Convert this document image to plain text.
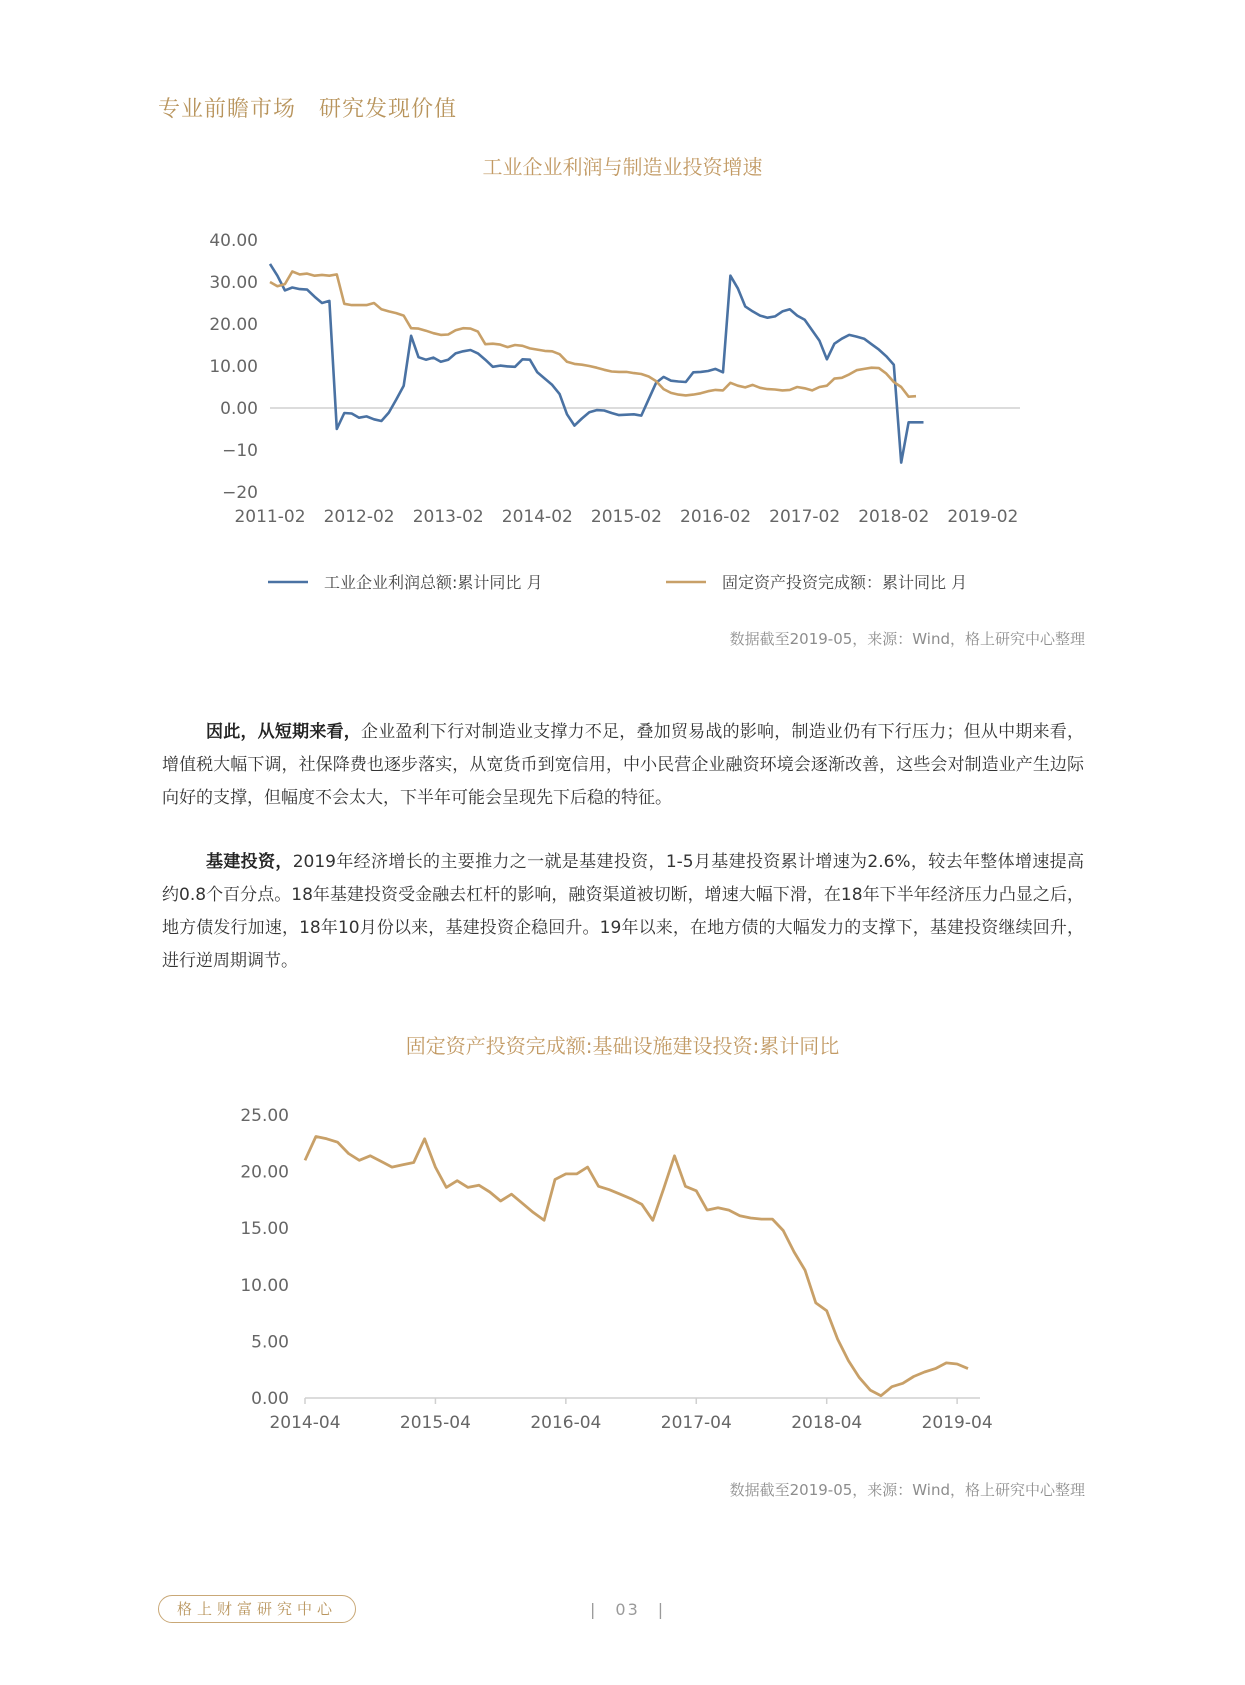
专业前瞻市场　研究发现价值
工业企业利润与制造业投资增速
40.00
30.00
20.00
10.00
0.00
−10
−20
2011-02 2012-02 2013-02 2014-02 2015-02 2016-02 2017-02 2018-02 2019-02
工业企业利润总额:累计同比 月	固定资产投资完成额：累计同比 月
数据截至2019-05，来源：Wind，格上研究中心整理
因此，从短期来看，企业盈利下行对制造业支撑力不足，叠加贸易战的影响，制造业仍有下行压力；但从中期来看，增值税大幅下调，社保降费也逐步落实，从宽货币到宽信用，中小民营企业融资环境会逐渐改善，这些会对制造业产生边际向好的支撑，但幅度不会太大，下半年可能会呈现先下后稳的特征。
基建投资，2019年经济增长的主要推力之一就是基建投资，1-5月基建投资累计增速为2.6%，较去年整体增速提高约0.8个百分点。18年基建投资受金融去杠杆的影响，融资渠道被切断，增速大幅下滑，在18年下半年经济压力凸显之后，地方债发行加速，18年10月份以来，基建投资企稳回升。19年以来，在地方债的大幅发力的支撑下，基建投资继续回升，进行逆周期调节。
固定资产投资完成额:基础设施建设投资:累计同比
25.00
20.00
15.00
10.00
5.00
0.00
2014-04	2015-04	2016-04	2017-04	2018-04	2019-04
数据截至2019-05，来源：Wind，格上研究中心整理
格上财富研究中心	|　03　|
